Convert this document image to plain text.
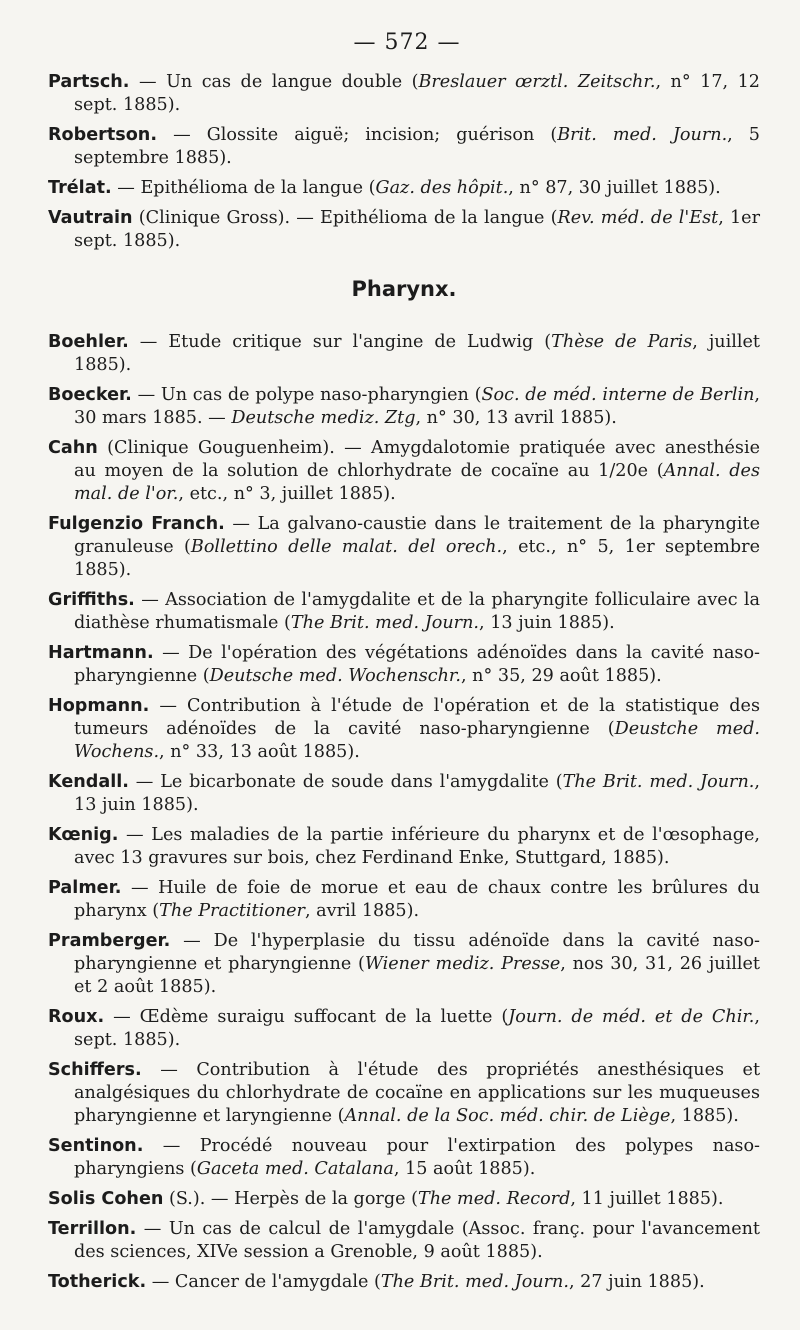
— 572 —
Partsch. — Un cas de langue double (Breslauer œrztl. Zeitschr., n° 17, 12 sept. 1885).
Robertson. — Glossite aiguë; incision; guérison (Brit. med. Journ., 5 septembre 1885).
Trélat. — Epithélioma de la langue (Gaz. des hôpit., n° 87, 30 juillet 1885).
Vautrain (Clinique Gross). — Epithélioma de la langue (Rev. méd. de l'Est, 1er sept. 1885).
Pharynx.
Boehler. — Etude critique sur l'angine de Ludwig (Thèse de Paris, juillet 1885).
Boecker. — Un cas de polype naso-pharyngien (Soc. de méd. interne de Berlin, 30 mars 1885. — Deutsche mediz. Ztg, n° 30, 13 avril 1885).
Cahn (Clinique Gouguenheim). — Amygdalotomie pratiquée avec anesthésie au moyen de la solution de chlorhydrate de cocaïne au 1/20e (Annal. des mal. de l'or., etc., n° 3, juillet 1885).
Fulgenzio Franch. — La galvano-caustie dans le traitement de la pharyngite granuleuse (Bollettino delle malat. del orech., etc., n° 5, 1er septembre 1885).
Griffiths. — Association de l'amygdalite et de la pharyngite folliculaire avec la diathèse rhumatismale (The Brit. med. Journ., 13 juin 1885).
Hartmann. — De l'opération des végétations adénoïdes dans la cavité naso-pharyngienne (Deutsche med. Wochenschr., n° 35, 29 août 1885).
Hopmann. — Contribution à l'étude de l'opération et de la statistique des tumeurs adénoïdes de la cavité naso-pharyngienne (Deustche med. Wochens., n° 33, 13 août 1885).
Kendall. — Le bicarbonate de soude dans l'amygdalite (The Brit. med. Journ., 13 juin 1885).
Kœnig. — Les maladies de la partie inférieure du pharynx et de l'œsophage, avec 13 gravures sur bois, chez Ferdinand Enke, Stuttgard, 1885).
Palmer. — Huile de foie de morue et eau de chaux contre les brûlures du pharynx (The Practitioner, avril 1885).
Pramberger. — De l'hyperplasie du tissu adénoïde dans la cavité naso-pharyngienne et pharyngienne (Wiener mediz. Presse, nos 30, 31, 26 juillet et 2 août 1885).
Roux. — Œdème suraigu suffocant de la luette (Journ. de méd. et de Chir., sept. 1885).
Schiffers. — Contribution à l'étude des propriétés anesthésiques et analgésiques du chlorhydrate de cocaïne en applications sur les muqueuses pharyngienne et laryngienne (Annal. de la Soc. méd. chir. de Liège, 1885).
Sentinon. — Procédé nouveau pour l'extirpation des polypes naso-pharyngiens (Gaceta med. Catalana, 15 août 1885).
Solis Cohen (S.). — Herpès de la gorge (The med. Record, 11 juillet 1885).
Terrillon. — Un cas de calcul de l'amygdale (Assoc. franç. pour l'avancement des sciences, XIVe session a Grenoble, 9 août 1885).
Totherick. — Cancer de l'amygdale (The Brit. med. Journ., 27 juin 1885).
